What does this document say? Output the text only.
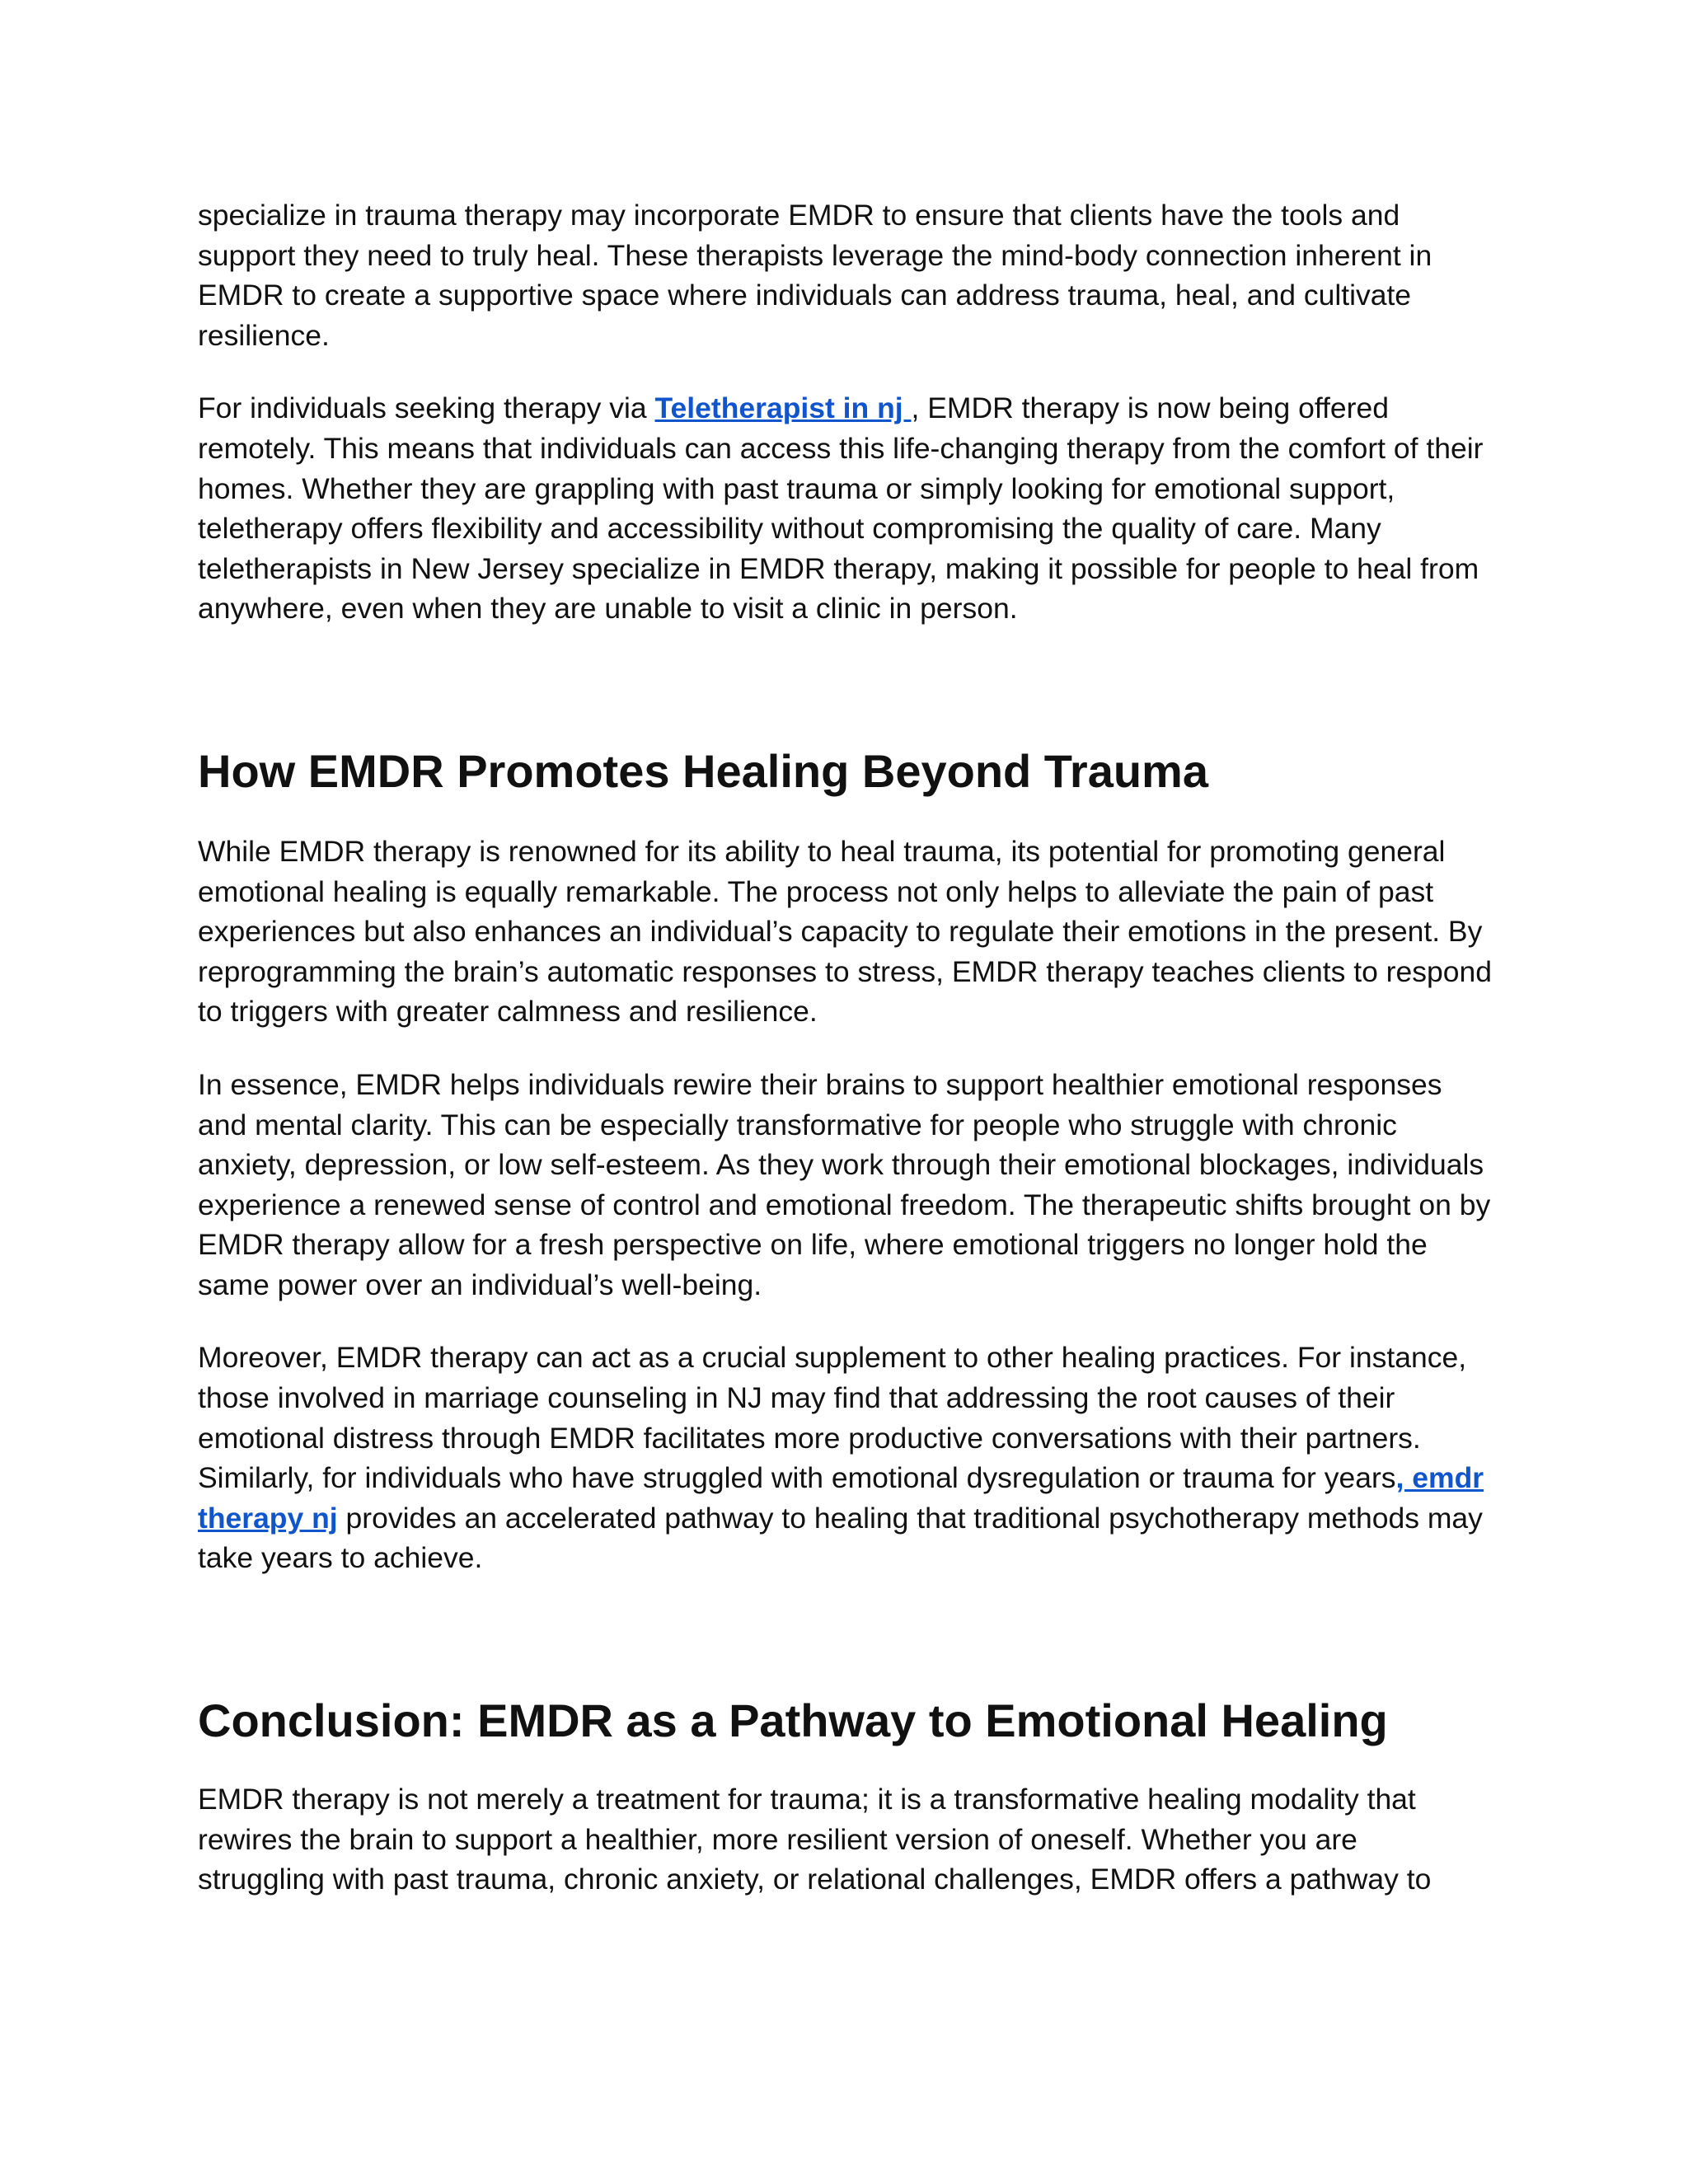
specialize in trauma therapy may incorporate EMDR to ensure that clients have the tools and support they need to truly heal. These therapists leverage the mind-body connection inherent in EMDR to create a supportive space where individuals can address trauma, heal, and cultivate resilience.

For individuals seeking therapy via Teletherapist in nj , EMDR therapy is now being offered remotely. This means that individuals can access this life-changing therapy from the comfort of their homes. Whether they are grappling with past trauma or simply looking for emotional support, teletherapy offers flexibility and accessibility without compromising the quality of care. Many teletherapists in New Jersey specialize in EMDR therapy, making it possible for people to heal from anywhere, even when they are unable to visit a clinic in person.

How EMDR Promotes Healing Beyond Trauma

While EMDR therapy is renowned for its ability to heal trauma, its potential for promoting general emotional healing is equally remarkable. The process not only helps to alleviate the pain of past experiences but also enhances an individual’s capacity to regulate their emotions in the present. By reprogramming the brain’s automatic responses to stress, EMDR therapy teaches clients to respond to triggers with greater calmness and resilience.

In essence, EMDR helps individuals rewire their brains to support healthier emotional responses and mental clarity. This can be especially transformative for people who struggle with chronic anxiety, depression, or low self-esteem. As they work through their emotional blockages, individuals experience a renewed sense of control and emotional freedom. The therapeutic shifts brought on by EMDR therapy allow for a fresh perspective on life, where emotional triggers no longer hold the same power over an individual’s well-being.

Moreover, EMDR therapy can act as a crucial supplement to other healing practices. For instance, those involved in marriage counseling in NJ may find that addressing the root causes of their emotional distress through EMDR facilitates more productive conversations with their partners. Similarly, for individuals who have struggled with emotional dysregulation or trauma for years, emdr therapy nj provides an accelerated pathway to healing that traditional psychotherapy methods may take years to achieve.

Conclusion: EMDR as a Pathway to Emotional Healing

EMDR therapy is not merely a treatment for trauma; it is a transformative healing modality that rewires the brain to support a healthier, more resilient version of oneself. Whether you are struggling with past trauma, chronic anxiety, or relational challenges, EMDR offers a pathway to
